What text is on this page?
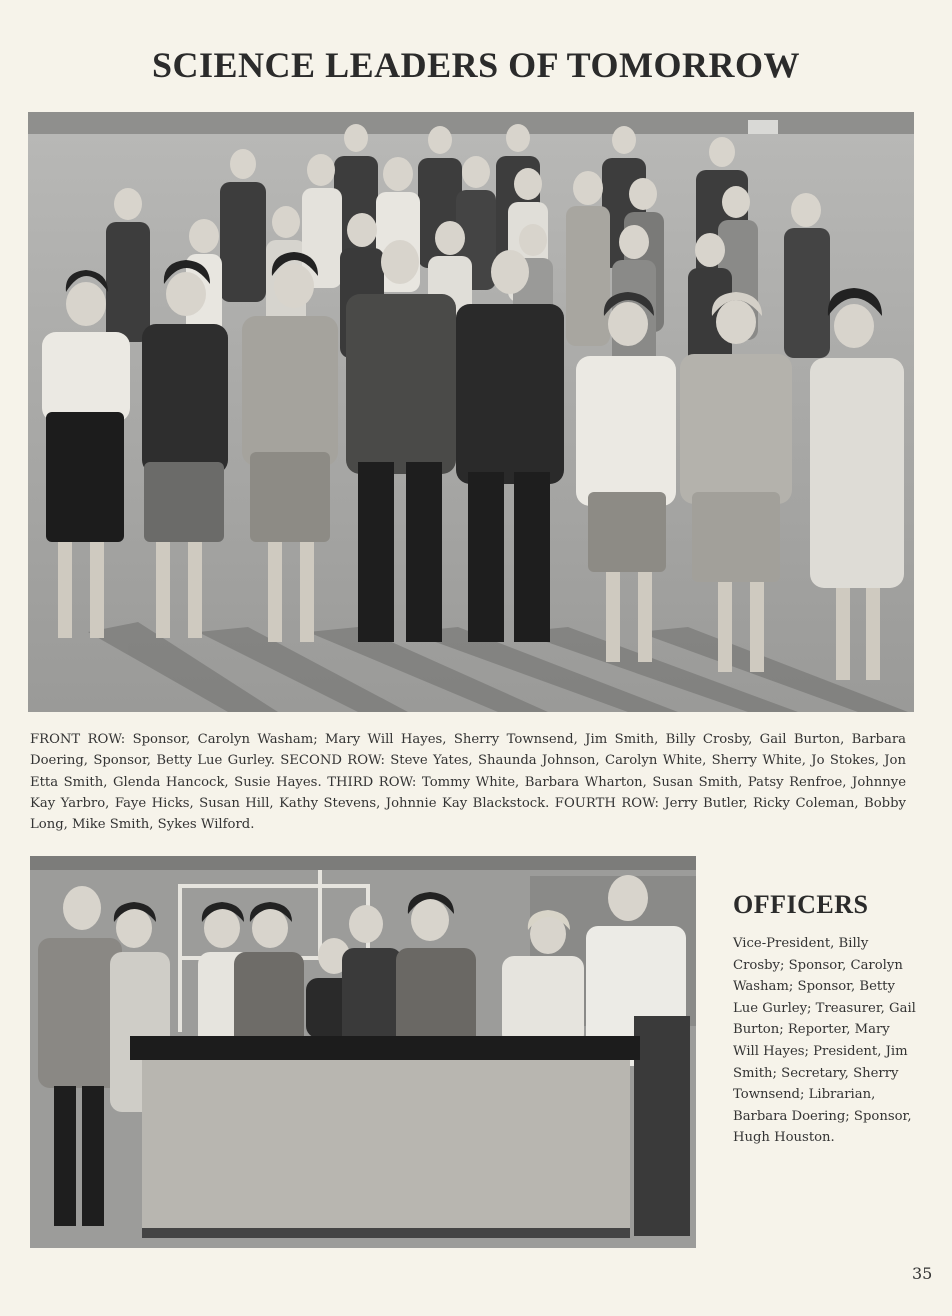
SCIENCE LEADERS OF TOMORROW
FRONT ROW: Sponsor, Carolyn Washam; Mary Will Hayes, Sherry Townsend, Jim Smith, Billy Crosby, Gail Burton, Barbara Doering, Sponsor, Betty Lue Gurley. SECOND ROW: Steve Yates, Shaunda Johnson, Carolyn White, Sherry White, Jo Stokes, Jon Etta Smith, Glenda Hancock, Susie Hayes. THIRD ROW: Tommy White, Barbara Wharton, Susan Smith, Patsy Renfroe, Johnnye Kay Yarbro, Faye Hicks, Susan Hill, Kathy Stevens, Johnnie Kay Blackstock. FOURTH ROW: Jerry Butler, Ricky Coleman, Bobby Long, Mike Smith, Sykes Wilford.
OFFICERS
Vice-President, Billy Crosby; Sponsor, Carolyn Washam; Sponsor, Betty Lue Gurley; Treasurer, Gail Burton; Reporter, Mary Will Hayes; President, Jim Smith; Secretary, Sherry Townsend; Librarian, Barbara Doering; Sponsor, Hugh Houston.
35
